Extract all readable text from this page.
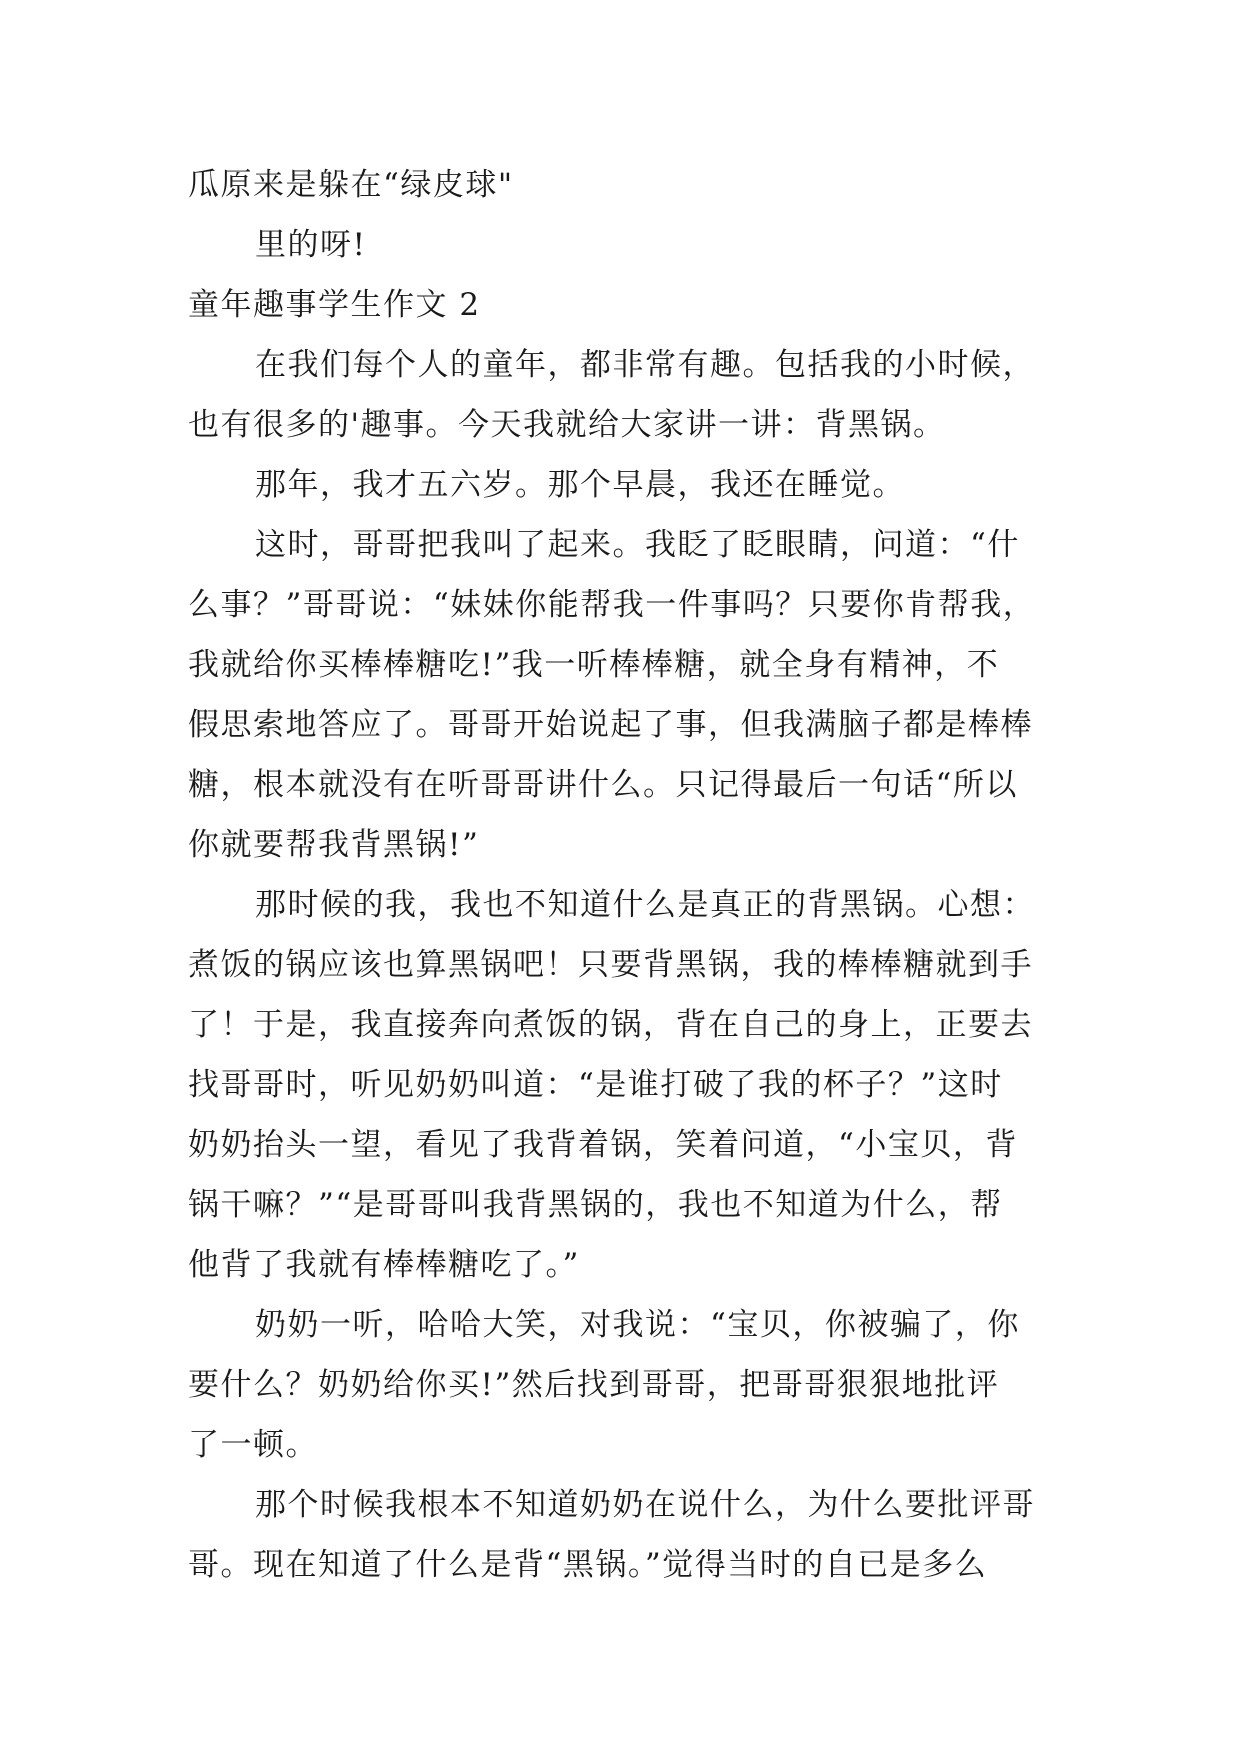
瓜原来是躲在“绿皮球"
里的呀!
童年趣事学生作文 2
在我们每个人的童年，都非常有趣。包括我的小时候，
也有很多的'趣事。今天我就给大家讲一讲：背黑锅。
那年，我才五六岁。那个早晨，我还在睡觉。
这时，哥哥把我叫了起来。我眨了眨眼睛，问道：“什
么事？”哥哥说：“妹妹你能帮我一件事吗？只要你肯帮我，
我就给你买棒棒糖吃!”我一听棒棒糖，就全身有精神，不
假思索地答应了。哥哥开始说起了事，但我满脑子都是棒棒
糖，根本就没有在听哥哥讲什么。只记得最后一句话“所以
你就要帮我背黑锅!”
那时候的我，我也不知道什么是真正的背黑锅。心想：
煮饭的锅应该也算黑锅吧！只要背黑锅，我的棒棒糖就到手
了！于是，我直接奔向煮饭的锅，背在自己的身上，正要去
找哥哥时，听见奶奶叫道：“是谁打破了我的杯子？”这时
奶奶抬头一望，看见了我背着锅，笑着问道，“小宝贝，背
锅干嘛？”“是哥哥叫我背黑锅的，我也不知道为什么，帮
他背了我就有棒棒糖吃了。”
奶奶一听，哈哈大笑，对我说：“宝贝，你被骗了，你
要什么？奶奶给你买!”然后找到哥哥，把哥哥狠狠地批评
了一顿。
那个时候我根本不知道奶奶在说什么，为什么要批评哥
哥。现在知道了什么是背“黑锅。”觉得当时的自已是多么
